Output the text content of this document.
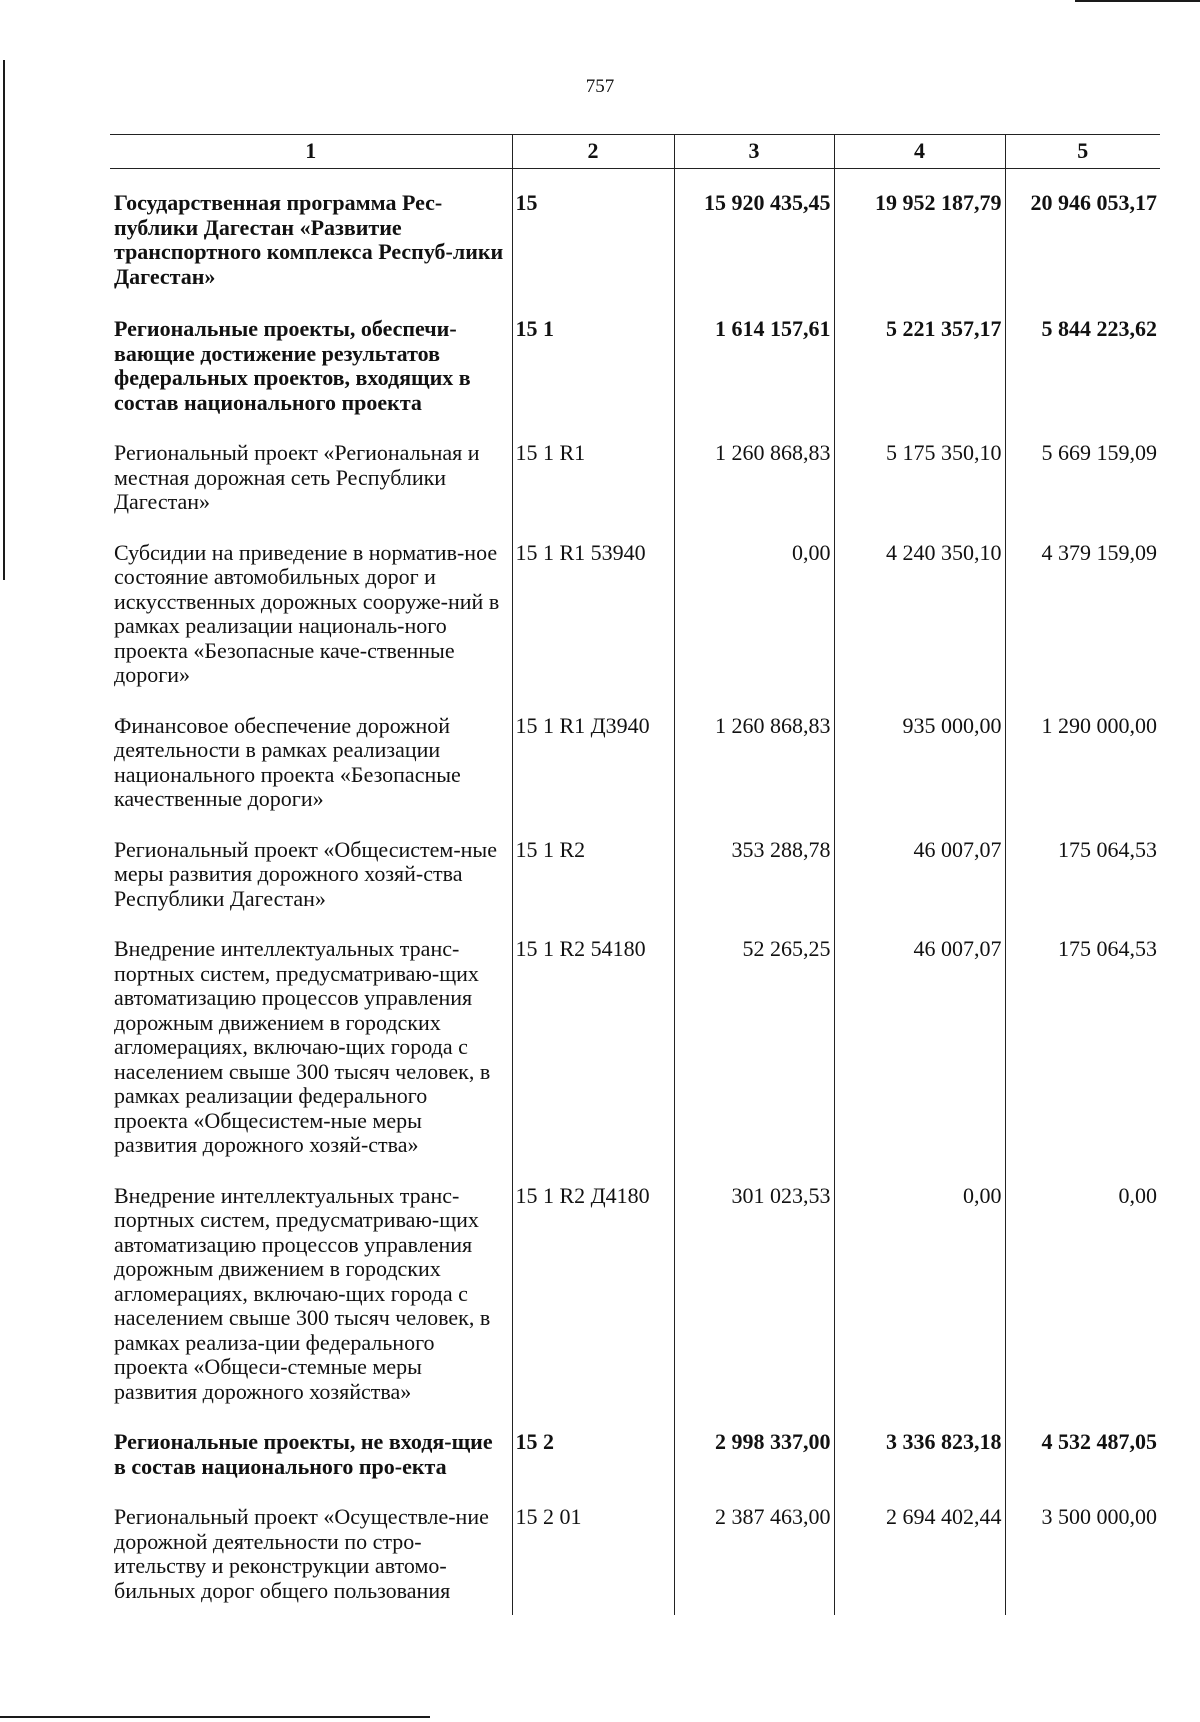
757
1	2	3	4	5
Государственная программа Рес-публики Дагестан «Развитие транспортного комплекса Респуб-лики Дагестан»	15	15 920 435,45	19 952 187,79	20 946 053,17
Региональные проекты, обеспечи-вающие достижение результатов федеральных проектов, входящих в состав национального проекта	15 1	1 614 157,61	5 221 357,17	5 844 223,62
Региональный проект «Региональная и местная дорожная сеть Республики Дагестан»	15 1 R1	1 260 868,83	5 175 350,10	5 669 159,09
Субсидии на приведение в норматив-ное состояние автомобильных дорог и искусственных дорожных сооруже-ний в рамках реализации националь-ного проекта «Безопасные каче-ственные дороги»	15 1 R1 53940	0,00	4 240 350,10	4 379 159,09
Финансовое обеспечение дорожной деятельности в рамках реализации национального проекта «Безопасные качественные дороги»	15 1 R1 Д3940	1 260 868,83	935 000,00	1 290 000,00
Региональный проект «Общесистем-ные меры развития дорожного хозяй-ства Республики Дагестан»	15 1 R2	353 288,78	46 007,07	175 064,53
Внедрение интеллектуальных транс-портных систем, предусматриваю-щих автоматизацию процессов управления дорожным движением в городских агломерациях, включаю-щих города с населением свыше 300 тысяч человек, в рамках реализации федерального проекта «Общесистем-ные меры развития дорожного хозяй-ства»	15 1 R2 54180	52 265,25	46 007,07	175 064,53
Внедрение интеллектуальных транс-портных систем, предусматриваю-щих автоматизацию процессов управления дорожным движением в городских агломерациях, включаю-щих города с населением свыше 300 тысяч человек, в рамках реализа-ции федерального проекта «Общеси-стемные меры развития дорожного хозяйства»	15 1 R2 Д4180	301 023,53	0,00	0,00
Региональные проекты, не входя-щие в состав национального про-екта	15 2	2 998 337,00	3 336 823,18	4 532 487,05
Региональный проект «Осуществле-ние дорожной деятельности по стро-ительству и реконструкции автомо-бильных дорог общего пользования	15 2 01	2 387 463,00	2 694 402,44	3 500 000,00
